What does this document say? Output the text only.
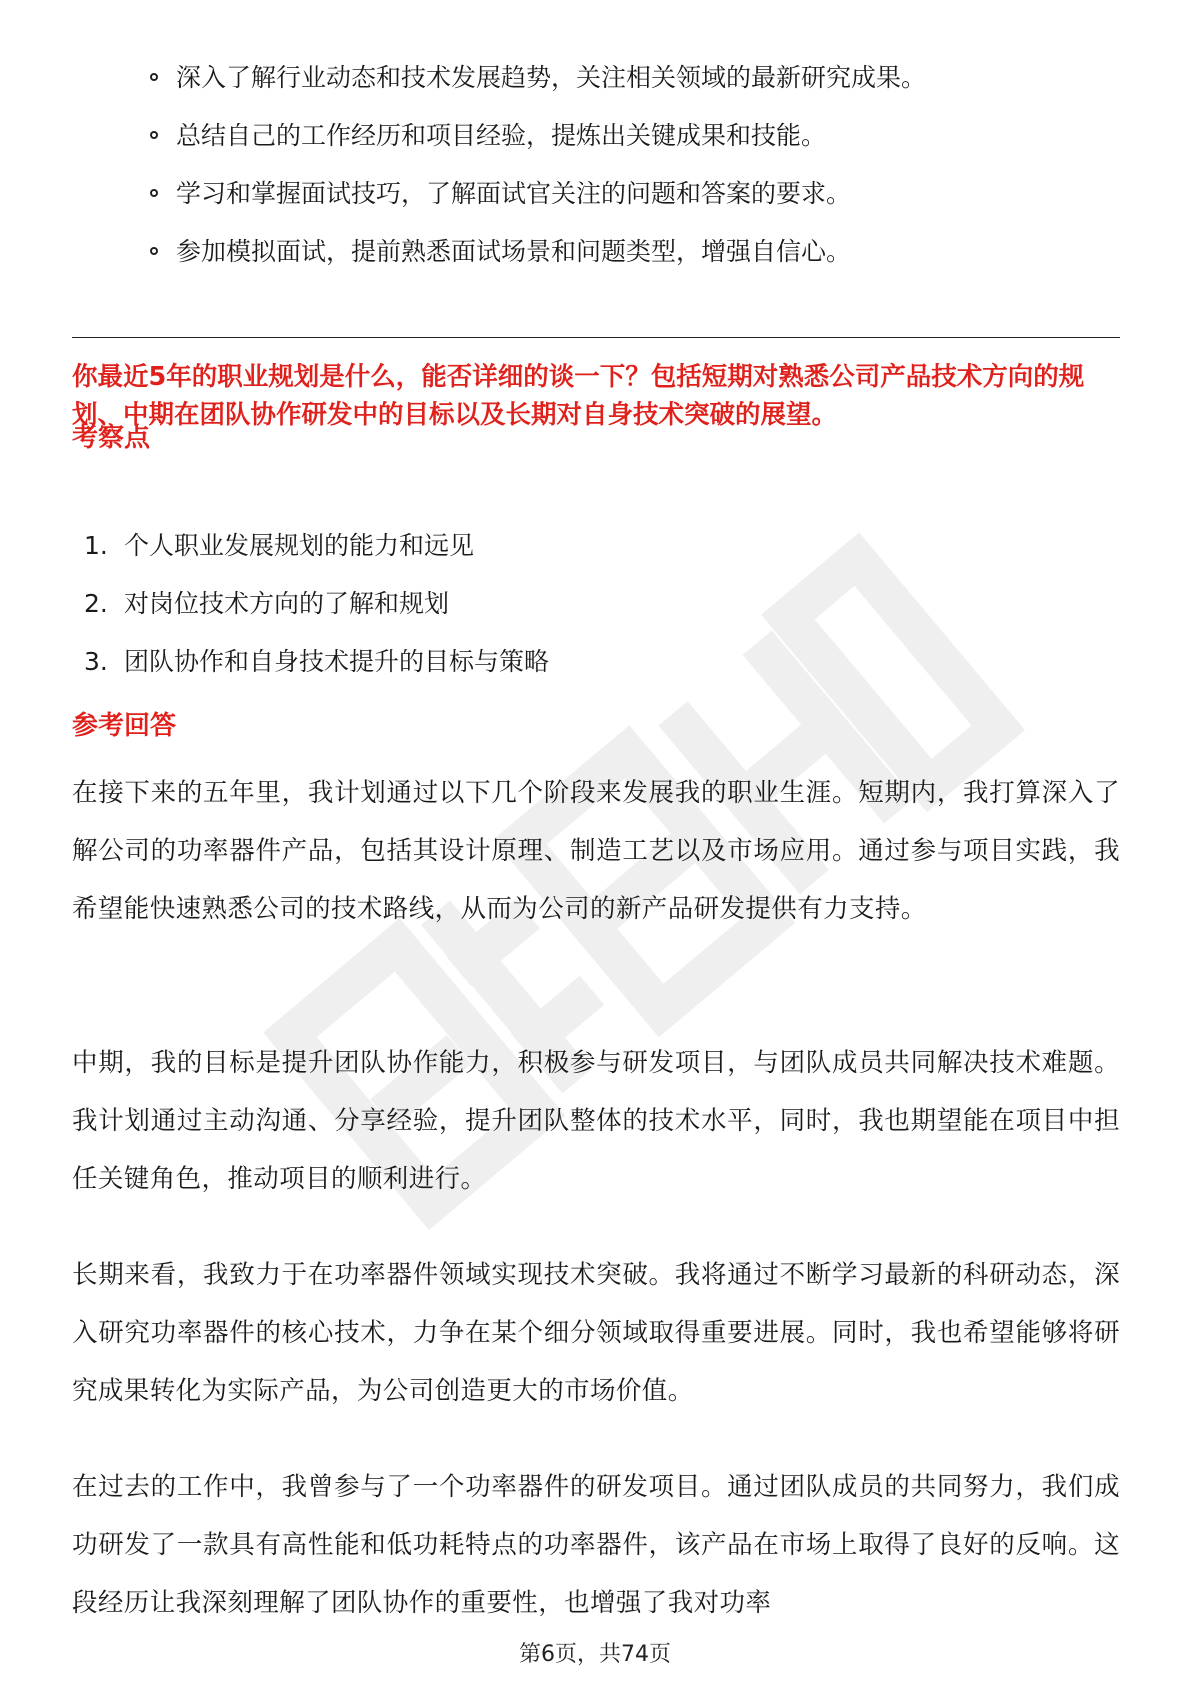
深入了解行业动态和技术发展趋势，关注相关领域的最新研究成果。
总结自己的工作经历和项目经验，提炼出关键成果和技能。
学习和掌握面试技巧，了解面试官关注的问题和答案的要求。
参加模拟面试，提前熟悉面试场景和问题类型，增强自信心。

你最近5年的职业规划是什么，能否详细的谈一下？包括短期对熟悉公司产品技术方向的规划、中期在团队协作研发中的目标以及长期对自身技术突破的展望。

考察点

1. 个人职业发展规划的能力和远见
2. 对岗位技术方向的了解和规划
3. 团队协作和自身技术提升的目标与策略

参考回答

在接下来的五年里，我计划通过以下几个阶段来发展我的职业生涯。短期内，我打算深入了解公司的功率器件产品，包括其设计原理、制造工艺以及市场应用。通过参与项目实践，我希望能快速熟悉公司的技术路线，从而为公司的新产品研发提供有力支持。

中期，我的目标是提升团队协作能力，积极参与研发项目，与团队成员共同解决技术难题。我计划通过主动沟通、分享经验，提升团队整体的技术水平，同时，我也期望能在项目中担任关键角色，推动项目的顺利进行。

长期来看，我致力于在功率器件领域实现技术突破。我将通过不断学习最新的科研动态，深入研究功率器件的核心技术，力争在某个细分领域取得重要进展。同时，我也希望能够将研究成果转化为实际产品，为公司创造更大的市场价值。

在过去的工作中，我曾参与了一个功率器件的研发项目。通过团队成员的共同努力，我们成功研发了一款具有高性能和低功耗特点的功率器件，该产品在市场上取得了良好的反响。这段经历让我深刻理解了团队协作的重要性，也增强了我对功率

第6页，共74页
